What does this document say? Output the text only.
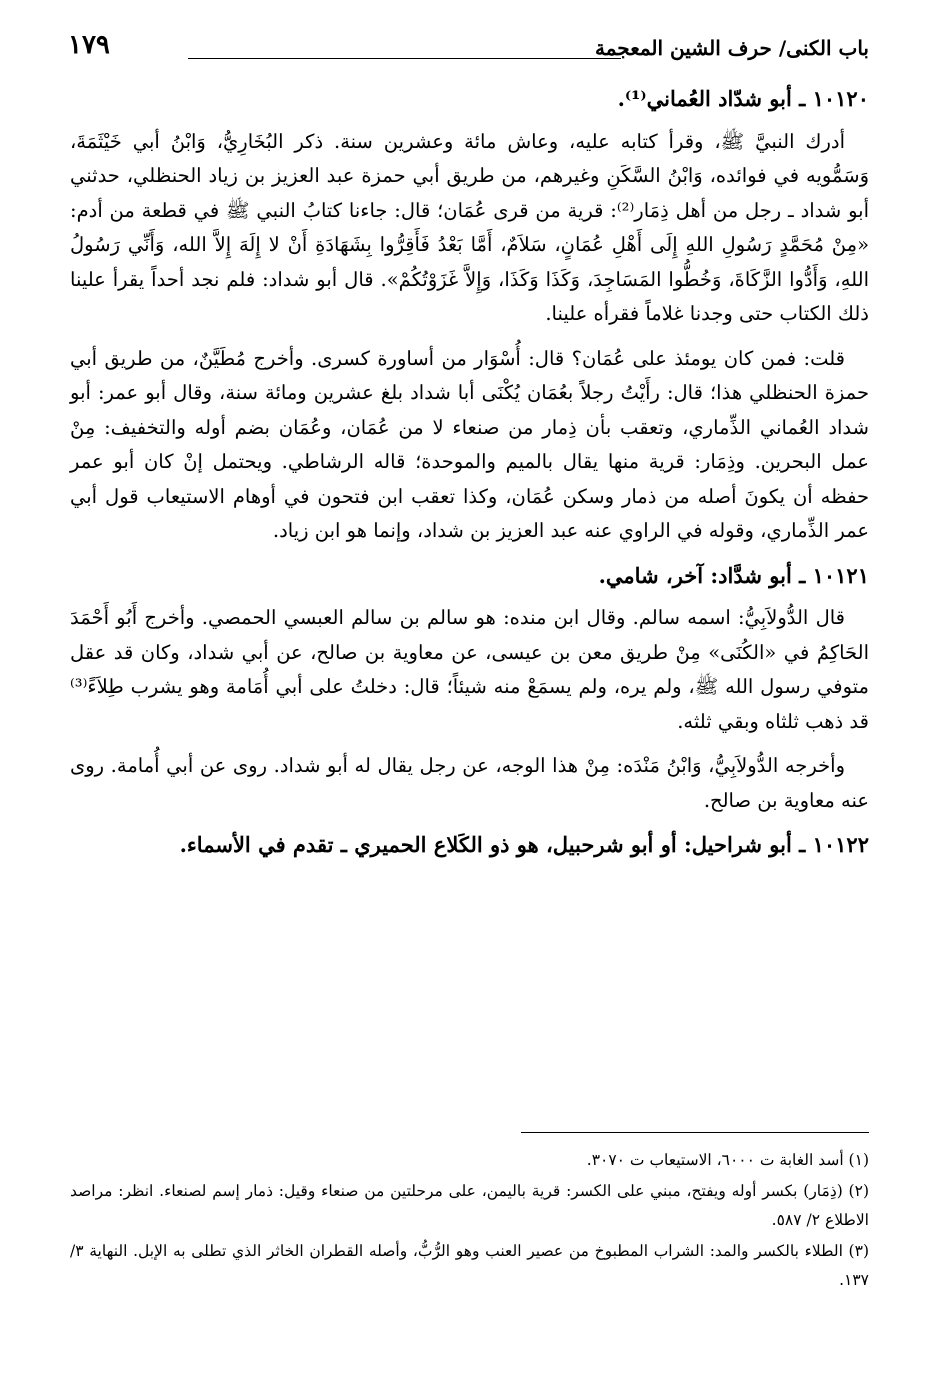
باب الكنى/ حرف الشين المعجمة
١٧٩

١٠١٢٠ ـ أبو شدّاد العُماني⁽¹⁾.

أدرك النبيَّ ﷺ، وقرأ كتابه عليه، وعاش مائة وعشرين سنة. ذكر البُخَارِيُّ، وَابْنُ أبي خَيْثَمَةَ، وَسَمُّويه في فوائده، وَابْنُ السَّكَنِ وغيرهم، من طريق أبي حمزة عبد العزيز بن زياد الحنظلي، حدثني أبو شداد ـ رجل من أهل ذِمَار⁽²⁾: قرية من قرى عُمَان؛ قال: جاءنا كتابُ النبي ﷺ في قطعة من أدم: «مِنْ مُحَمَّدٍ رَسُولِ اللهِ إِلَى أَهْلِ عُمَانٍ، سَلاَمٌ، أَمَّا بَعْدُ فَأَقِرُّوا بِشَهَادَةِ أَنْ لا إِلَهَ إِلاَّ الله، وَأَنِّي رَسُولُ اللهِ، وَأَدُّوا الزَّكَاةَ، وَخُطُّوا المَسَاجِدَ، وَكَذَا وَكَذَا، وَإِلاَّ غَزَوْتُكُمْ». قال أبو شداد: فلم نجد أحداً يقرأ علينا ذلك الكتاب حتى وجدنا غلاماً فقرأه علينا.

قلت: فمن كان يومئذ على عُمَان؟ قال: أُسْوَار من أساورة كسرى. وأخرج مُطَيَّنٌ، من طريق أبي حمزة الحنظلي هذا؛ قال: رأَيْتُ رجلاً بعُمَان يُكْنَى أبا شداد بلغ عشرين ومائة سنة، وقال أبو عمر: أبو شداد العُماني الذِّماري، وتعقب بأن ذِمار من صنعاء لا من عُمَان، وعُمَان بضم أوله والتخفيف: مِنْ عمل البحرين. وذِمَار: قرية منها يقال بالميم والموحدة؛ قاله الرشاطي. ويحتمل إنْ كان أبو عمر حفظه أن يكونَ أصله من ذمار وسكن عُمَان، وكذا تعقب ابن فتحون في أوهام الاستيعاب قول أبي عمر الذِّماري، وقوله في الراوي عنه عبد العزيز بن شداد، وإنما هو ابن زياد.

١٠١٢١ ـ أبو شدَّاد: آخر، شامي.

قال الدُّولاَبِيُّ: اسمه سالم. وقال ابن منده: هو سالم بن سالم العبسي الحمصي. وأخرج أَبُو أَحْمَدَ الحَاكِمُ في «الكُنَى» مِنْ طريق معن بن عيسى، عن معاوية بن صالح، عن أبي شداد، وكان قد عقل متوفي رسول الله ﷺ، ولم يره، ولم يسمَعْ منه شيئاً؛ قال: دخلتُ على أبي أُمَامة وهو يشرب طِلاَءً⁽³⁾ قد ذهب ثلثاه وبقي ثلثه.

وأخرجه الدُّولاَبِيُّ، وَابْنُ مَنْدَه: مِنْ هذا الوجه، عن رجل يقال له أبو شداد. روى عن أبي أُمامة. روى عنه معاوية بن صالح.

١٠١٢٢ ـ أبو شراحيل: أو أبو شرحبيل، هو ذو الكَلاع الحميري ـ تقدم في الأسماء.

(١) أسد الغابة ت ٦٠٠٠، الاستيعاب ت ٣٠٧٠.

(٢) (ذِمَار) بكسر أوله ويفتح، مبني على الكسر: قرية باليمن، على مرحلتين من صنعاء وقيل: ذمار إسم لصنعاء. انظر: مراصد الاطلاع ٢/ ٥٨٧.

(٣) الطلاء بالكسر والمد: الشراب المطبوخ من عصير العنب وهو الرُّبُّ، وأصله القطران الخاثر الذي تطلى به الإبل. النهاية ٣/ ١٣٧.
